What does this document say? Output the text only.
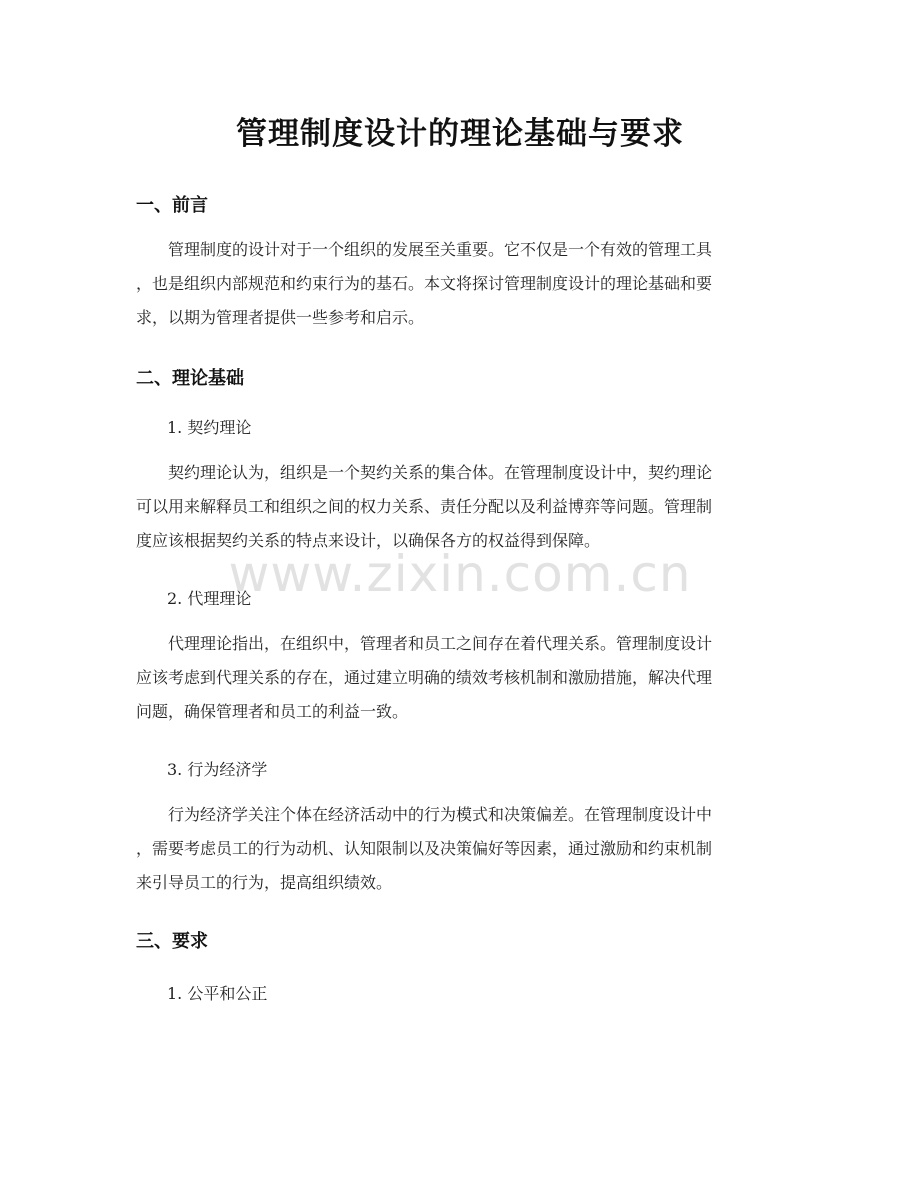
管理制度设计的理论基础与要求
一、前言
管理制度的设计对于一个组织的发展至关重要。它不仅是一个有效的管理工具
，也是组织内部规范和约束行为的基石。本文将探讨管理制度设计的理论基础和要
求，以期为管理者提供一些参考和启示。
二、理论基础
1. 契约理论
契约理论认为，组织是一个契约关系的集合体。在管理制度设计中，契约理论
可以用来解释员工和组织之间的权力关系、责任分配以及利益博弈等问题。管理制
度应该根据契约关系的特点来设计，以确保各方的权益得到保障。
2. 代理理论
代理理论指出，在组织中，管理者和员工之间存在着代理关系。管理制度设计
应该考虑到代理关系的存在，通过建立明确的绩效考核机制和激励措施，解决代理
问题，确保管理者和员工的利益一致。
3. 行为经济学
行为经济学关注个体在经济活动中的行为模式和决策偏差。在管理制度设计中
，需要考虑员工的行为动机、认知限制以及决策偏好等因素，通过激励和约束机制
来引导员工的行为，提高组织绩效。
三、要求
1. 公平和公正
www.zixin.com.cn
